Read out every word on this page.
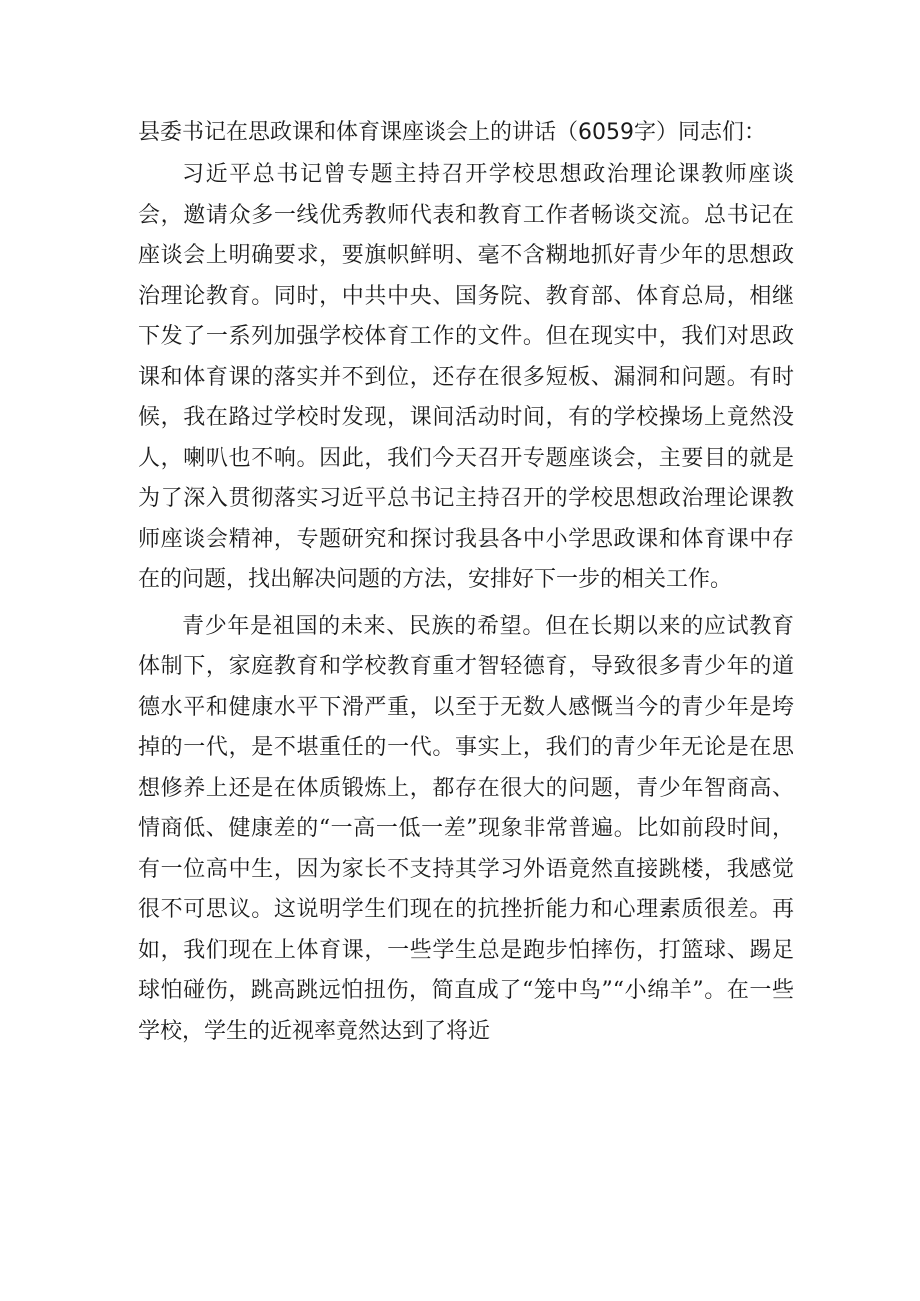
县委书记在思政课和体育课座谈会上的讲话（6059字）同志们：

习近平总书记曾专题主持召开学校思想政治理论课教师座谈会，邀请众多一线优秀教师代表和教育工作者畅谈交流。总书记在座谈会上明确要求，要旗帜鲜明、毫不含糊地抓好青少年的思想政治理论教育。同时，中共中央、国务院、教育部、体育总局，相继下发了一系列加强学校体育工作的文件。但在现实中，我们对思政课和体育课的落实并不到位，还存在很多短板、漏洞和问题。有时候，我在路过学校时发现，课间活动时间，有的学校操场上竟然没人，喇叭也不响。因此，我们今天召开专题座谈会，主要目的就是为了深入贯彻落实习近平总书记主持召开的学校思想政治理论课教师座谈会精神，专题研究和探讨我县各中小学思政课和体育课中存在的问题，找出解决问题的方法，安排好下一步的相关工作。

青少年是祖国的未来、民族的希望。但在长期以来的应试教育体制下，家庭教育和学校教育重才智轻德育，导致很多青少年的道德水平和健康水平下滑严重，以至于无数人感慨当今的青少年是垮掉的一代，是不堪重任的一代。事实上，我们的青少年无论是在思想修养上还是在体质锻炼上，都存在很大的问题，青少年智商高、情商低、健康差的“一高一低一差”现象非常普遍。比如前段时间，有一位高中生，因为家长不支持其学习外语竟然直接跳楼，我感觉很不可思议。这说明学生们现在的抗挫折能力和心理素质很差。再如，我们现在上体育课，一些学生总是跑步怕摔伤，打篮球、踢足球怕碰伤，跳高跳远怕扭伤，简直成了“笼中鸟”“小绵羊”。在一些学校，学生的近视率竟然达到了将近
